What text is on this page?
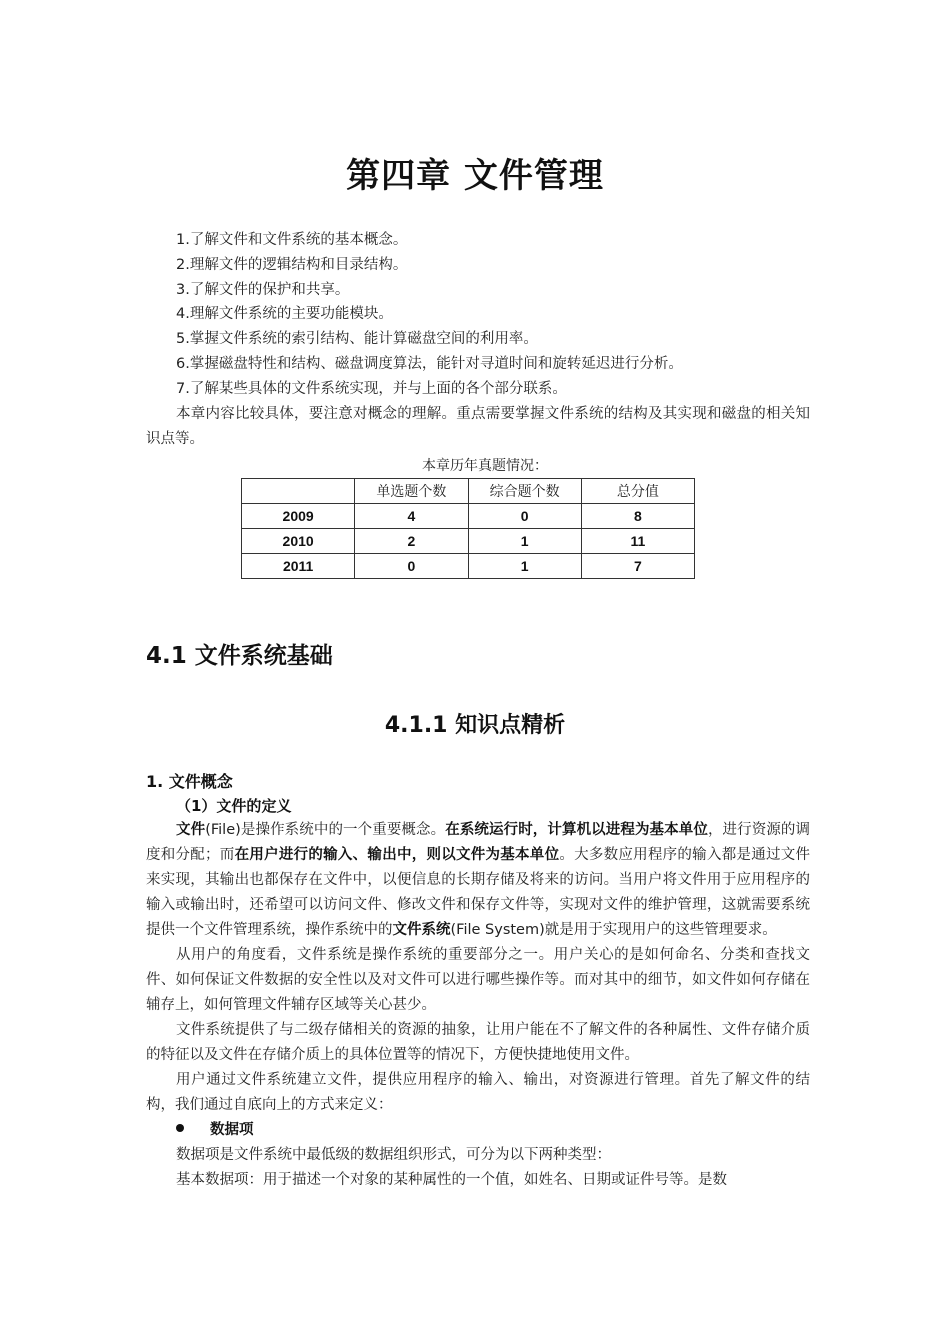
第四章 文件管理
1.了解文件和文件系统的基本概念。
2.理解文件的逻辑结构和目录结构。
3.了解文件的保护和共享。
4.理解文件系统的主要功能模块。
5.掌握文件系统的索引结构、能计算磁盘空间的利用率。
6.掌握磁盘特性和结构、磁盘调度算法，能针对寻道时间和旋转延迟进行分析。
7.了解某些具体的文件系统实现，并与上面的各个部分联系。
本章内容比较具体，要注意对概念的理解。重点需要掌握文件系统的结构及其实现和磁盘的相关知识点等。
本章历年真题情况：
	单选题个数	综合题个数	总分值
2009	4	0	8
2010	2	1	11
2011	0	1	7
4.1 文件系统基础
4.1.1 知识点精析
1. 文件概念
（1）文件的定义

文件(File)是操作系统中的一个重要概念。在系统运行时，计算机以进程为基本单位，进行资源的调度和分配；而在用户进行的输入、输出中，则以文件为基本单位。大多数应用程序的输入都是通过文件来实现，其输出也都保存在文件中，以便信息的长期存储及将来的访问。当用户将文件用于应用程序的输入或输出时，还希望可以访问文件、修改文件和保存文件等，实现对文件的维护管理，这就需要系统提供一个文件管理系统，操作系统中的文件系统(File System)就是用于实现用户的这些管理要求。

从用户的角度看，文件系统是操作系统的重要部分之一。用户关心的是如何命名、分类和查找文件、如何保证文件数据的安全性以及对文件可以进行哪些操作等。而对其中的细节，如文件如何存储在辅存上，如何管理文件辅存区域等关心甚少。

文件系统提供了与二级存储相关的资源的抽象，让用户能在不了解文件的各种属性、文件存储介质的特征以及文件在存储介质上的具体位置等的情况下，方便快捷地使用文件。

用户通过文件系统建立文件，提供应用程序的输入、输出，对资源进行管理。首先了解文件的结构，我们通过自底向上的方式来定义：

数据项

数据项是文件系统中最低级的数据组织形式，可分为以下两种类型：

基本数据项：用于描述一个对象的某种属性的一个值，如姓名、日期或证件号等。是数
